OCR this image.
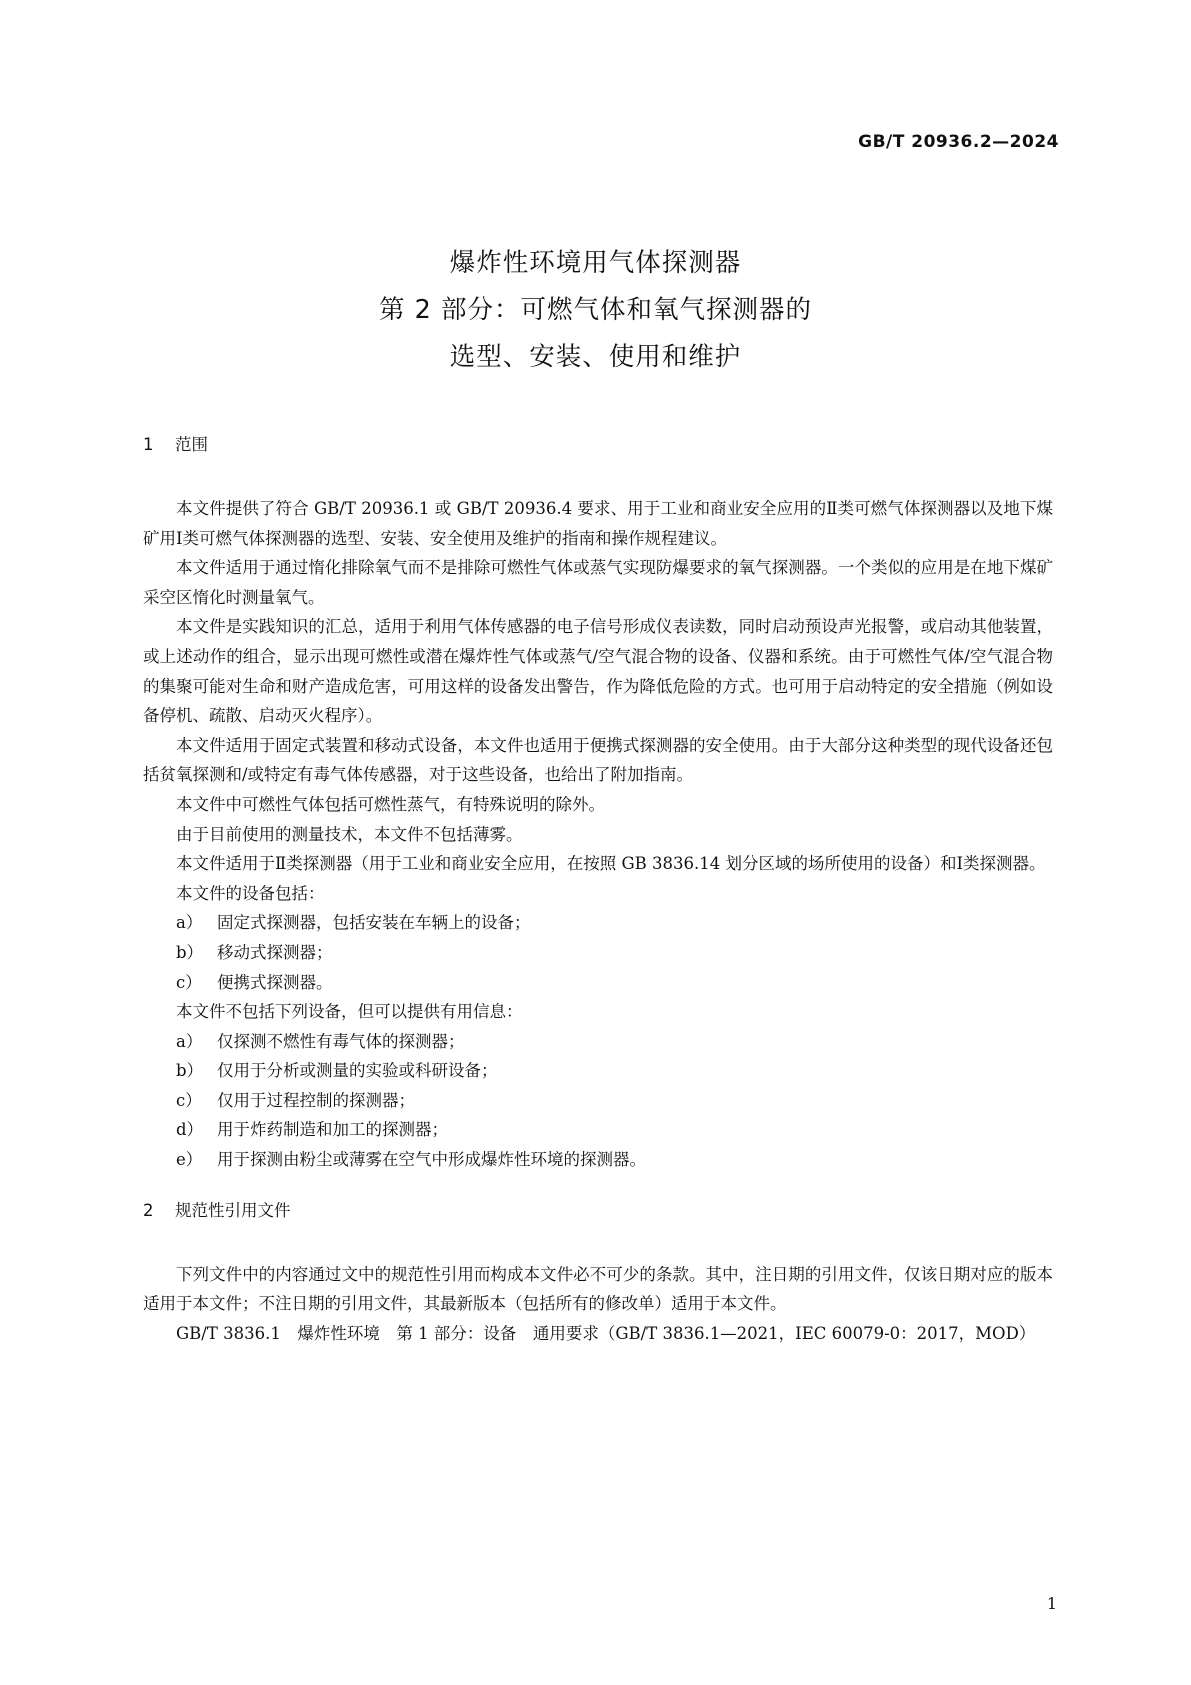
GB/T 20936.2—2024
爆炸性环境用气体探测器
第 2 部分：可燃气体和氧气探测器的
选型、安装、使用和维护
1 范围

本文件提供了符合 GB/T 20936.1 或 GB/T 20936.4 要求、用于工业和商业安全应用的Ⅱ类可燃气体探测器以及地下煤矿用Ⅰ类可燃气体探测器的选型、安装、安全使用及维护的指南和操作规程建议。

本文件适用于通过惰化排除氧气而不是排除可燃性气体或蒸气实现防爆要求的氧气探测器。一个类似的应用是在地下煤矿采空区惰化时测量氧气。

本文件是实践知识的汇总，适用于利用气体传感器的电子信号形成仪表读数，同时启动预设声光报警，或启动其他装置，或上述动作的组合，显示出现可燃性或潜在爆炸性气体或蒸气/空气混合物的设备、仪器和系统。由于可燃性气体/空气混合物的集聚可能对生命和财产造成危害，可用这样的设备发出警告，作为降低危险的方式。也可用于启动特定的安全措施（例如设备停机、疏散、启动灭火程序）。

本文件适用于固定式装置和移动式设备，本文件也适用于便携式探测器的安全使用。由于大部分这种类型的现代设备还包括贫氧探测和/或特定有毒气体传感器，对于这些设备，也给出了附加指南。

本文件中可燃性气体包括可燃性蒸气，有特殊说明的除外。

由于目前使用的测量技术，本文件不包括薄雾。

本文件适用于Ⅱ类探测器（用于工业和商业安全应用，在按照 GB 3836.14 划分区域的场所使用的设备）和Ⅰ类探测器。

本文件的设备包括：

a） 固定式探测器，包括安装在车辆上的设备；
b） 移动式探测器；
c） 便携式探测器。

本文件不包括下列设备，但可以提供有用信息：

a） 仅探测不燃性有毒气体的探测器；
b） 仅用于分析或测量的实验或科研设备；
c） 仅用于过程控制的探测器；
d） 用于炸药制造和加工的探测器；
e） 用于探测由粉尘或薄雾在空气中形成爆炸性环境的探测器。
2 规范性引用文件

下列文件中的内容通过文中的规范性引用而构成本文件必不可少的条款。其中，注日期的引用文件，仅该日期对应的版本适用于本文件；不注日期的引用文件，其最新版本（包括所有的修改单）适用于本文件。

GB/T 3836.1　爆炸性环境　第 1 部分：设备　通用要求（GB/T 3836.1—2021，IEC 60079-0：2017，MOD）

1
